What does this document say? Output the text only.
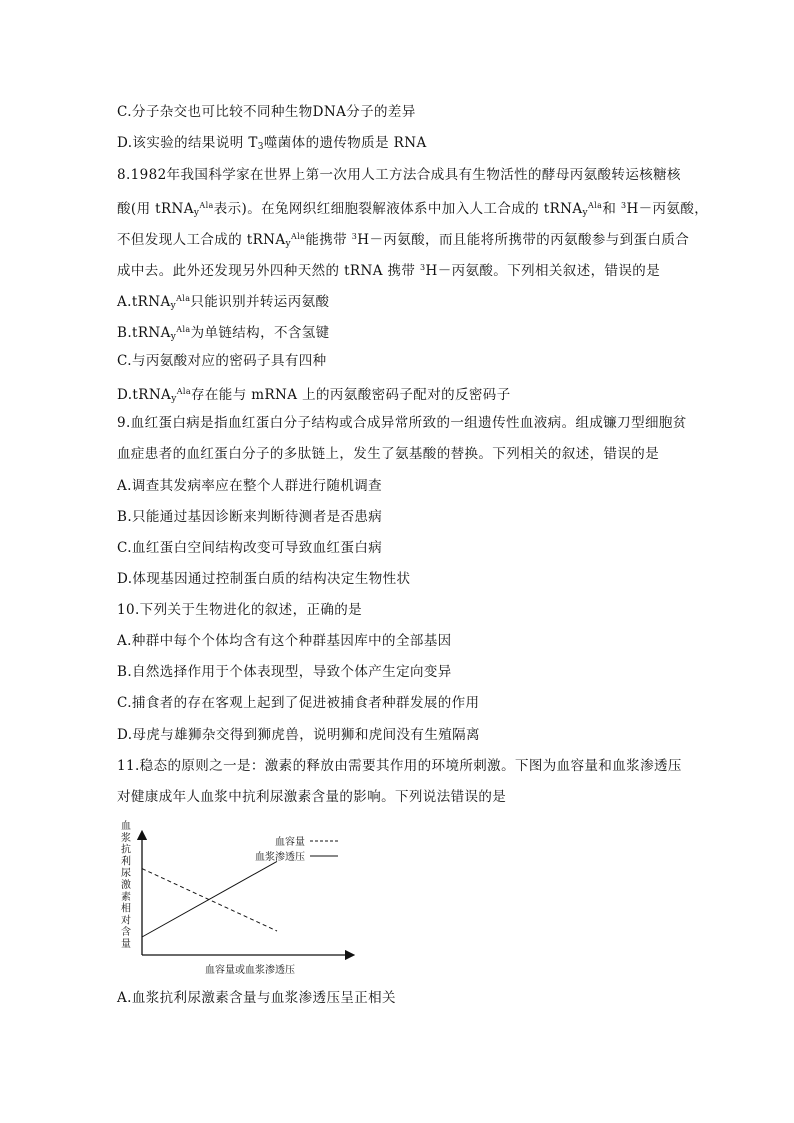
C.分子杂交也可比较不同种生物DNA分子的差异
D.该实验的结果说明 $T_3$噬菌体的遗传物质是 RNA
8.1982年我国科学家在世界上第一次用人工方法合成具有生物活性的酵母丙氨酸转运核糖核
酸(用 tRNA$_y^{Ala}$表示)。在兔网织红细胞裂解液体系中加入人工合成的 tRNA$_y^{Ala}$和 $^3$H－丙氨酸，
不但发现人工合成的 tRNA$_y^{Ala}$能携带 $^3$H－丙氨酸，而且能将所携带的丙氨酸参与到蛋白质合
成中去。此外还发现另外四种天然的 tRNA 携带 $^3$H－丙氨酸。下列相关叙述，错误的是
A.tRNA$_y^{Ala}$只能识别并转运丙氨酸
B.tRNA$_y^{Ala}$为单链结构，不含氢键
C.与丙氨酸对应的密码子具有四种
D.tRNA$_y^{Ala}$存在能与 mRNA 上的丙氨酸密码子配对的反密码子
9.血红蛋白病是指血红蛋白分子结构或合成异常所致的一组遗传性血液病。组成镰刀型细胞贫
血症患者的血红蛋白分子的多肽链上，发生了氨基酸的替换。下列相关的叙述，错误的是
A.调查其发病率应在整个人群进行随机调查
B.只能通过基因诊断来判断待测者是否患病
C.血红蛋白空间结构改变可导致血红蛋白病
D.体现基因通过控制蛋白质的结构决定生物性状
10.下列关于生物进化的叙述，正确的是
A.种群中每个个体均含有这个种群基因库中的全部基因
B.自然选择作用于个体表现型，导致个体产生定向变异
C.捕食者的存在客观上起到了促进被捕食者种群发展的作用
D.母虎与雄狮杂交得到狮虎兽，说明狮和虎间没有生殖隔离
11.稳态的原则之一是：激素的释放由需要其作用的环境所刺激。下图为血容量和血浆渗透压
对健康成年人血浆中抗利尿激素含量的影响。下列说法错误的是
血
浆
抗
利
尿
激
素
相
对
含
量
血容量或血浆渗透压
血容量
血浆渗透压
A.血浆抗利尿激素含量与血浆渗透压呈正相关
